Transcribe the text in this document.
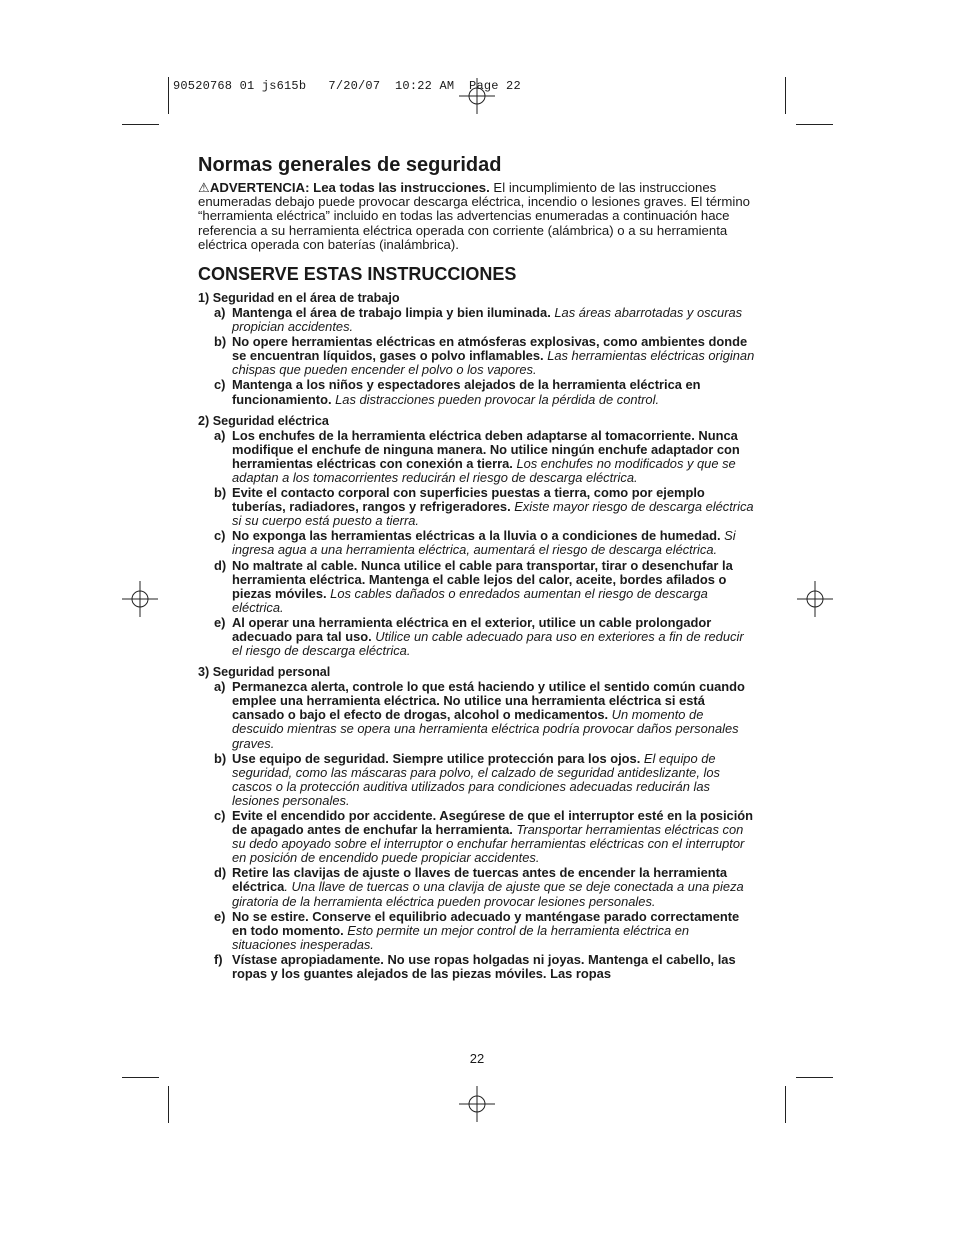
90520768 01 js615b   7/20/07  10:22 AM  Page 22
Normas generales de seguridad

⚠ADVERTENCIA: Lea todas las instrucciones. El incumplimiento de las instrucciones enumeradas debajo puede provocar descarga eléctrica, incendio o lesiones graves. El término “herramienta eléctrica” incluido en todas las advertencias enumeradas a continuación hace referencia a su herramienta eléctrica operada con corriente (alámbrica) o a su herramienta eléctrica operada con baterías (inalámbrica).

CONSERVE ESTAS INSTRUCCIONES
1) Seguridad en el área de trabajo
a) Mantenga el área de trabajo limpia y bien iluminada. Las áreas abarrotadas y oscuras propician accidentes.
b) No opere herramientas eléctricas en atmósferas explosivas, como ambientes donde se encuentran líquidos, gases o polvo inflamables. Las herramientas eléctricas originan chispas que pueden encender el polvo o los vapores.
c) Mantenga a los niños y espectadores alejados de la herramienta eléctrica en funcionamiento. Las distracciones pueden provocar la pérdida de control.
2) Seguridad eléctrica
a) Los enchufes de la herramienta eléctrica deben adaptarse al tomacorriente. Nunca modifique el enchufe de ninguna manera. No utilice ningún enchufe adaptador con herramientas eléctricas con conexión a tierra. Los enchufes no modificados y que se adaptan a los tomacorrientes reducirán el riesgo de descarga eléctrica.
b) Evite el contacto corporal con superficies puestas a tierra, como por ejemplo tuberías, radiadores, rangos y refrigeradores. Existe mayor riesgo de descarga eléctrica si su cuerpo está puesto a tierra.
c) No exponga las herramientas eléctricas a la lluvia o a condiciones de humedad. Si ingresa agua a una herramienta eléctrica, aumentará el riesgo de descarga eléctrica.
d) No maltrate al cable. Nunca utilice el cable para transportar, tirar o desenchufar la herramienta eléctrica. Mantenga el cable lejos del calor, aceite, bordes afilados o piezas móviles. Los cables dañados o enredados aumentan el riesgo de descarga eléctrica.
e) Al operar una herramienta eléctrica en el exterior, utilice un cable prolongador adecuado para tal uso. Utilice un cable adecuado para uso en exteriores a fin de reducir el riesgo de descarga eléctrica.
3) Seguridad personal
a) Permanezca alerta, controle lo que está haciendo y utilice el sentido común cuando emplee una herramienta eléctrica. No utilice una herramienta eléctrica si está cansado o bajo el efecto de drogas, alcohol o medicamentos. Un momento de descuido mientras se opera una herramienta eléctrica podría provocar daños personales graves.
b) Use equipo de seguridad. Siempre utilice protección para los ojos. El equipo de seguridad, como las máscaras para polvo, el calzado de seguridad antideslizante, los cascos o la protección auditiva utilizados para condiciones adecuadas reducirán las lesiones personales.
c) Evite el encendido por accidente. Asegúrese de que el interruptor esté en la posición de apagado antes de enchufar la herramienta. Transportar herramientas eléctricas con su dedo apoyado sobre el interruptor o enchufar herramientas eléctricas con el interruptor en posición de encendido puede propiciar accidentes.
d) Retire las clavijas de ajuste o llaves de tuercas antes de encender la herramienta eléctrica. Una llave de tuercas o una clavija de ajuste que se deje conectada a una pieza giratoria de la herramienta eléctrica pueden provocar lesiones personales.
e) No se estire. Conserve el equilibrio adecuado y manténgase parado correctamente en todo momento. Esto permite un mejor control de la herramienta eléctrica en situaciones inesperadas.
f) Vístase apropiadamente. No use ropas holgadas ni joyas. Mantenga el cabello, las ropas y los guantes alejados de las piezas móviles. Las ropas
22
